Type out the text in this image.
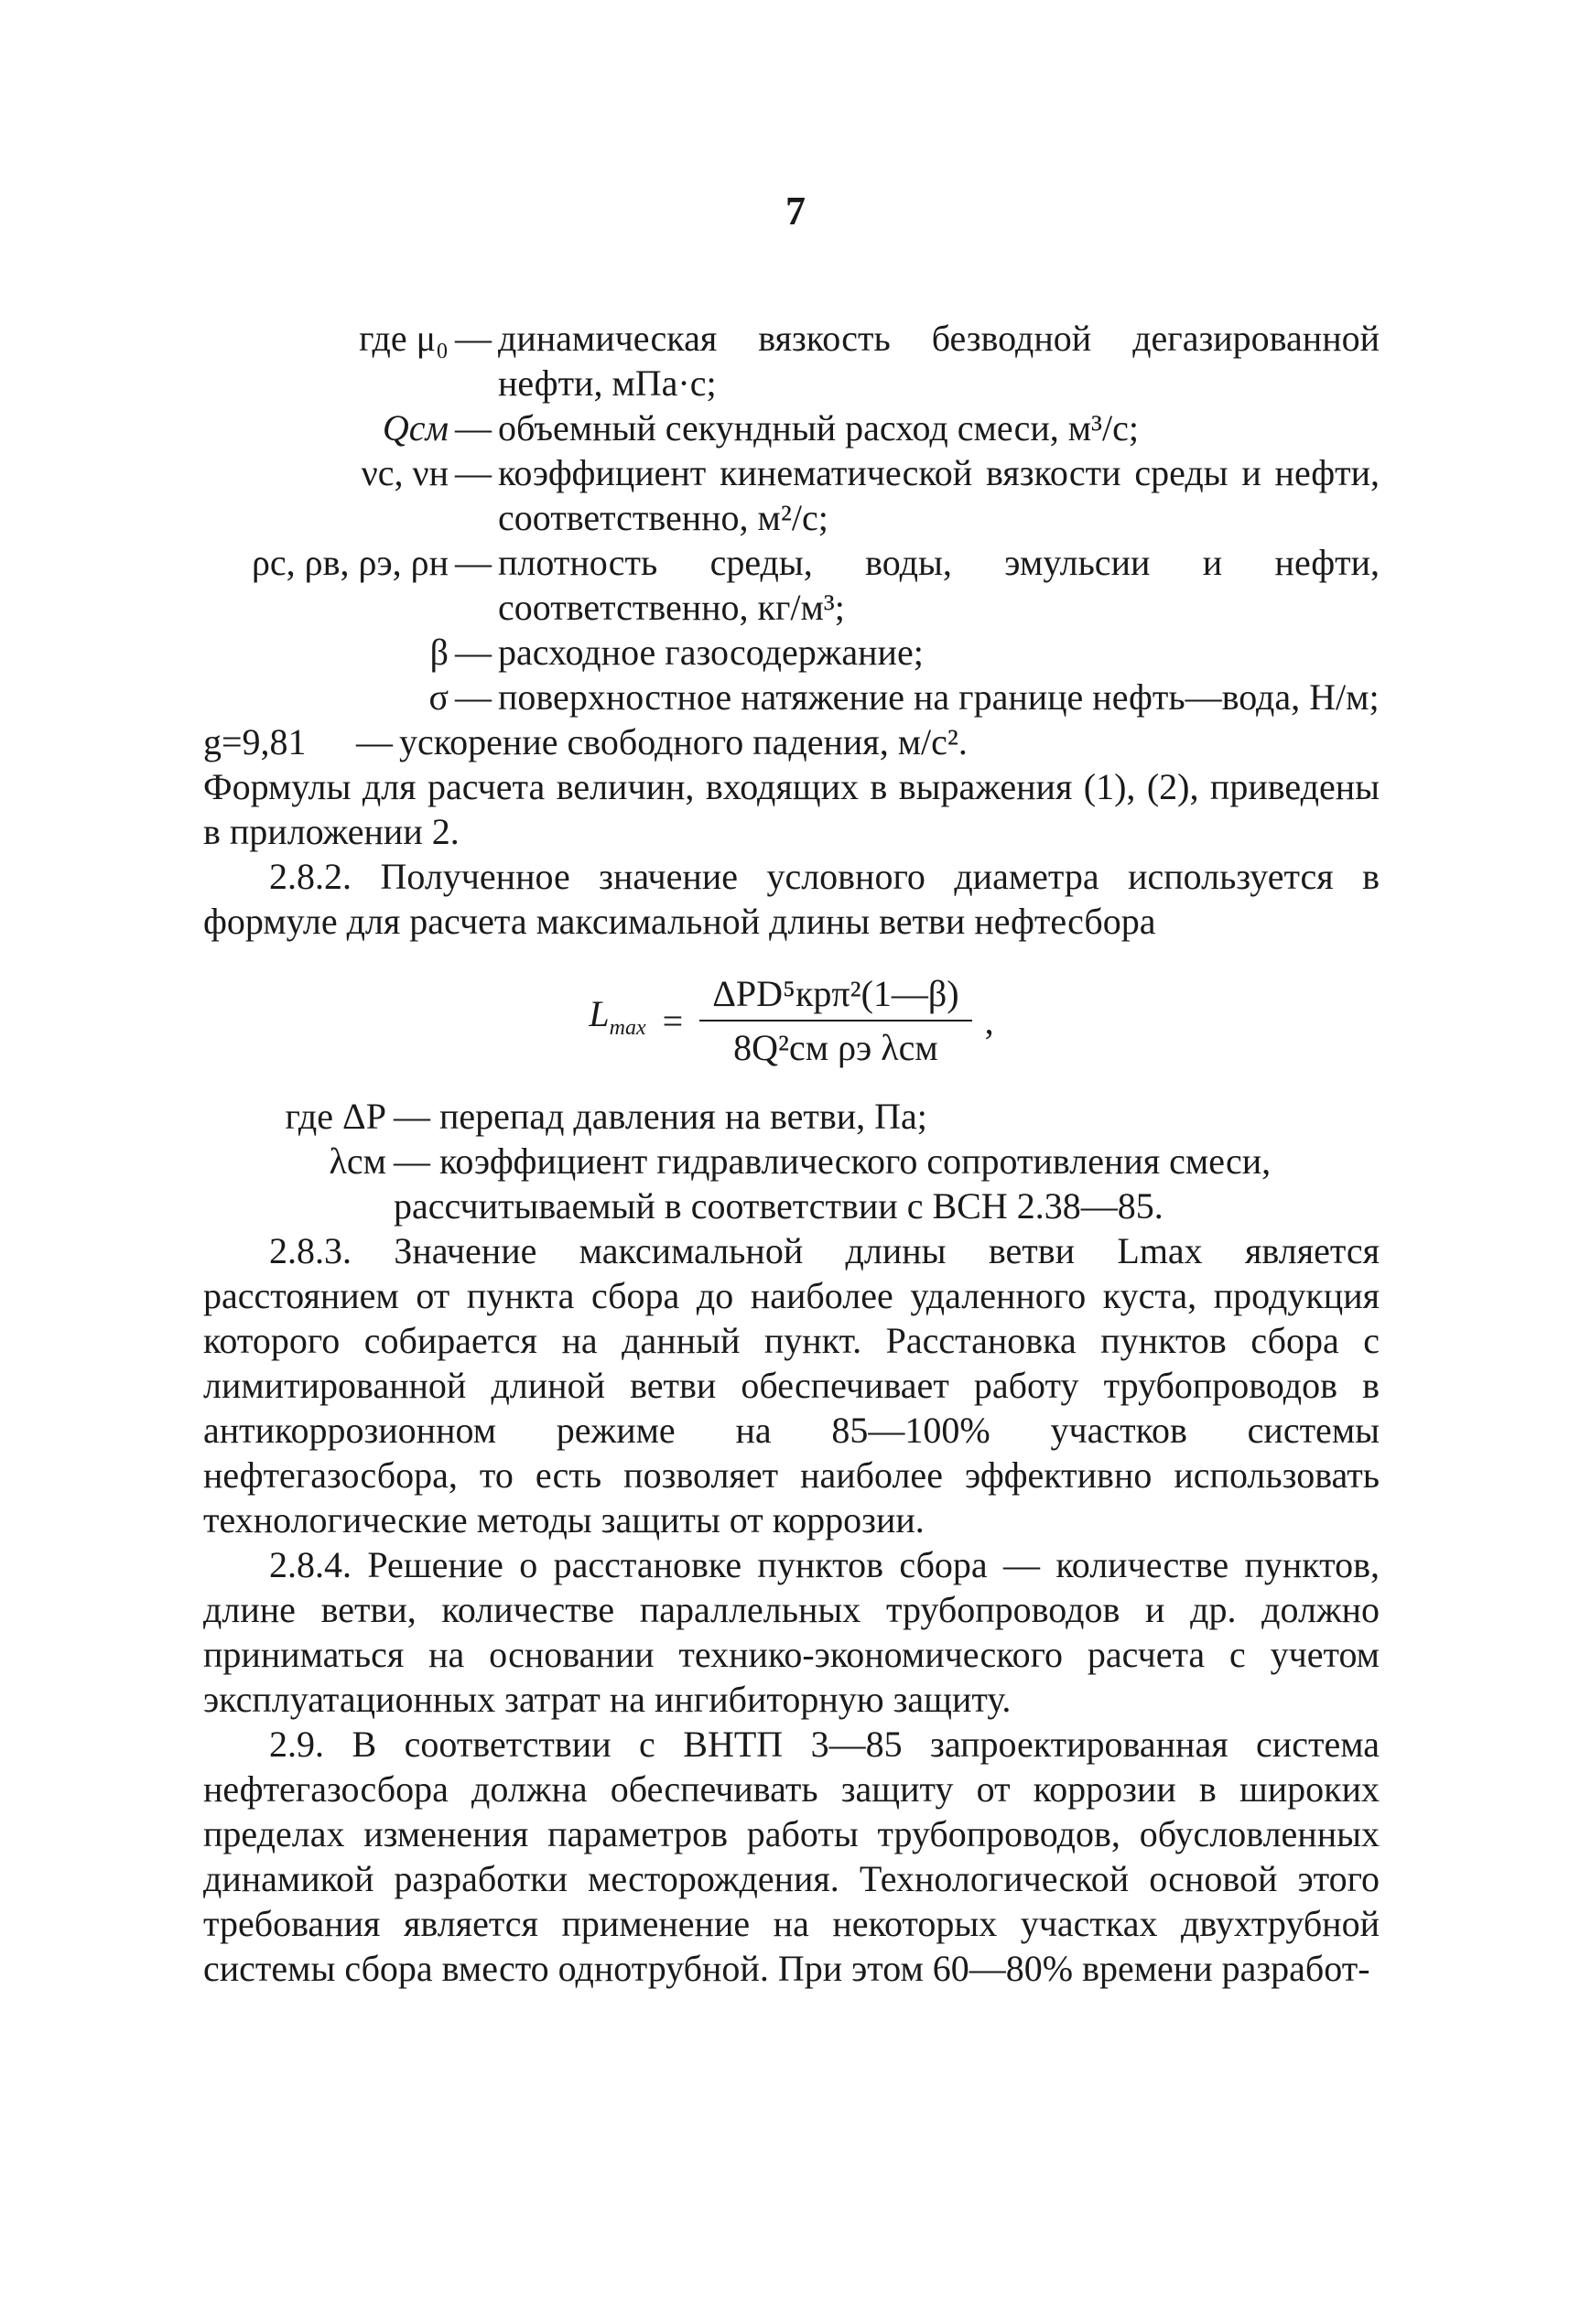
7
где μ₀ — динамическая вязкость безводной дегазированной нефти, мПа·с;
Qсм — объемный секундный расход смеси, м³/с;
νс, νн — коэффициент кинематической вязкости среды и нефти, соответственно, м²/с;
ρс, ρв, ρэ, ρн — плотность среды, воды, эмульсии и нефти, соответственно, кг/м³;
β — расходное газосодержание;
σ — поверхностное натяжение на границе нефть—вода, Н/м;
g=9,81	— ускорение свободного падения, м/с².

Формулы для расчета величин, входящих в выражения (1), (2), приведены в приложении 2.

2.8.2. Полученное значение условного диаметра используется в формуле для расчета максимальной длины ветви нефтесбора

$L_{max} = \frac{\text{ΔPD⁵крπ²(1—β)}}{\text{8Q²см ρэ λсм}}$ ,
где ΔP — перепад давления на ветви, Па;
λсм — коэффициент гидравлического сопротивления смеси,
рассчитываемый в соответствии с ВСН 2.38—85.

2.8.3. Значение максимальной длины ветви Lmax является расстоянием от пункта сбора до наиболее удаленного куста, продукция которого собирается на данный пункт. Расстановка пунктов сбора с лимитированной длиной ветви обеспечивает работу трубопроводов в антикоррозионном режиме на 85—100% участков системы нефтегазосбора, то есть позволяет наиболее эффективно использовать технологические методы защиты от коррозии.

2.8.4. Решение о расстановке пунктов сбора — количестве пунктов, длине ветви, количестве параллельных трубопроводов и др. должно приниматься на основании технико-экономического расчета с учетом эксплуатационных затрат на ингибиторную защиту.

2.9. В соответствии с ВНТП 3—85 запроектированная система нефтегазосбора должна обеспечивать защиту от коррозии в широких пределах изменения параметров работы трубопроводов, обусловленных динамикой разработки месторождения. Технологической основой этого требования является применение на некоторых участках двухтрубной системы сбора вместо однотрубной. При этом 60—80% времени разработ-
